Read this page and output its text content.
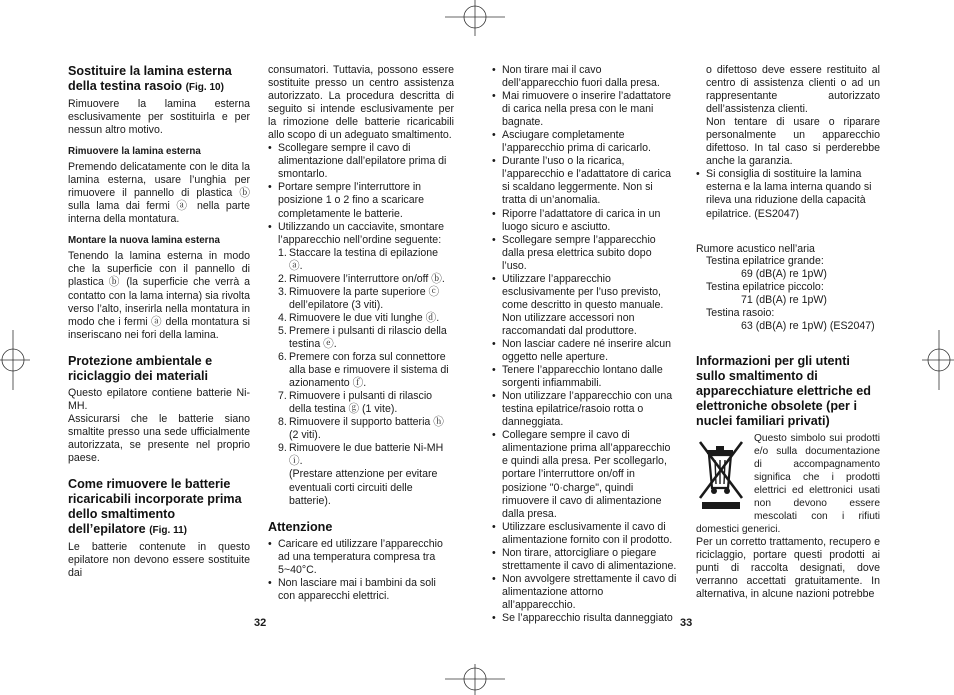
Sostituire la lamina esterna della testina rasoio (Fig. 10)

Rimuovere la lamina esterna esclusivamente per sostituirla e per nessun altro motivo.

Rimuovere la lamina esterna

Premendo delicatamente con le dita la lamina esterna, usare l’unghia per rimuovere il pannello di plastica ⓑ sulla lama dai fermi ⓐ nella parte interna della montatura.

Montare la nuova lamina esterna

Tenendo la lamina esterna in modo che la superficie con il pannello di plastica ⓑ (la superficie che verrà a contatto con la lama interna) sia rivolta verso l’alto, inserirla nella montatura in modo che i fermi ⓐ della montatura si inseriscano nei fori della lamina.

Protezione ambientale e riciclaggio dei materiali

Questo epilatore contiene batterie Ni-MH.

Assicurarsi che le batterie siano smaltite presso una sede ufficialmente autorizzata, se presente nel proprio paese.

Come rimuovere le batterie ricaricabili incorporate prima dello smaltimento dell’epilatore (Fig. 11)

Le batterie contenute in questo epilatore non devono essere sostituite dai

consumatori. Tuttavia, possono essere sostituite presso un centro assistenza autorizzato. La procedura descritta di seguito si intende esclusivamente per la rimozione delle batterie ricaricabili allo scopo di un adeguato smaltimento.

• Scollegare sempre il cavo di alimentazione dall’epilatore prima di smontarlo.
• Portare sempre l’interruttore in posizione 1 o 2 fino a scaricare completamente le batterie.
• Utilizzando un cacciavite, smontare l’apparecchio nell’ordine seguente:
1. Staccare la testina di epilazione ⓐ.
2. Rimuovere l’interruttore on/off ⓑ.
3. Rimuovere la parte superiore ⓒ dell’epilatore (3 viti).
4. Rimuovere le due viti lunghe ⓓ.
5. Premere i pulsanti di rilascio della testina ⓔ.
6. Premere con forza sul connettore alla base e rimuovere il sistema di azionamento ⓕ.
7. Rimuovere i pulsanti di rilascio della testina ⓖ (1 vite).
8. Rimuovere il supporto batteria ⓗ (2 viti).
9. Rimuovere le due batterie Ni-MH ⓘ.
(Prestare attenzione per evitare eventuali corti circuiti delle batterie).
Attenzione
• Caricare ed utilizzare l’apparecchio ad una temperatura compresa tra 5~40°C.
• Non lasciare mai i bambini da soli con apparecchi elettrici.
• Non tirare mai il cavo dell’apparecchio fuori dalla presa.
• Mai rimuovere o inserire l’adattatore di carica nella presa con le mani bagnate.
• Asciugare completamente l’apparecchio prima di caricarlo.
• Durante l’uso o la ricarica, l’apparecchio e l’adattatore di carica si scaldano leggermente. Non si tratta di un’anomalia.
• Riporre l’adattatore di carica in un luogo sicuro e asciutto.
• Scollegare sempre l’apparecchio dalla presa elettrica subito dopo l’uso.
• Utilizzare l’apparecchio esclusivamente per l’uso previsto, come descritto in questo manuale. Non utilizzare accessori non raccomandati dal produttore.
• Non lasciar cadere né inserire alcun oggetto nelle aperture.
• Tenere l’apparecchio lontano dalle sorgenti infiammabili.
• Non utilizzare l’apparecchio con una testina epilatrice/rasoio rotta o danneggiata.
• Collegare sempre il cavo di alimentazione prima all’apparecchio e quindi alla presa. Per scollegarlo, portare l’interruttore on/off in posizione "0·charge", quindi rimuovere il cavo di alimentazione dalla presa.
• Utilizzare esclusivamente il cavo di alimentazione fornito con il prodotto.
• Non tirare, attorcigliare o piegare strettamente il cavo di alimentazione.
• Non avvolgere strettamente il cavo di alimentazione attorno all’apparecchio.
• Se l’apparecchio risulta danneggiato

o difettoso deve essere restituito al centro di assistenza clienti o ad un rappresentante autorizzato dell’assistenza clienti.

Non tentare di usare o riparare personalmente un apparecchio difettoso. In tal caso si perderebbe anche la garanzia.

• Si consiglia di sostituire la lamina esterna e la lama interna quando si rileva una riduzione della capacità epilatrice. (ES2047)
Rumore acustico nell’aria
Testina epilatrice grande:
69 (dB(A) re 1pW)
Testina epilatrice piccolo:
71 (dB(A) re 1pW)
Testina rasoio:
63 (dB(A) re 1pW) (ES2047)
Informazioni per gli utenti sullo smaltimento di apparecchiature elettriche ed elettroniche obsolete (per i nuclei familiari privati)

Questo simbolo sui prodotti e/o sulla documentazione di accompagnamento significa che i prodotti elettrici ed elettronici usati non devono essere mescolati con i rifiuti domestici generici.

Per un corretto trattamento, recupero e riciclaggio, portare questi prodotti ai punti di raccolta designati, dove verranno accettati gratuitamente. In alternativa, in alcune nazioni potrebbe

32	33
